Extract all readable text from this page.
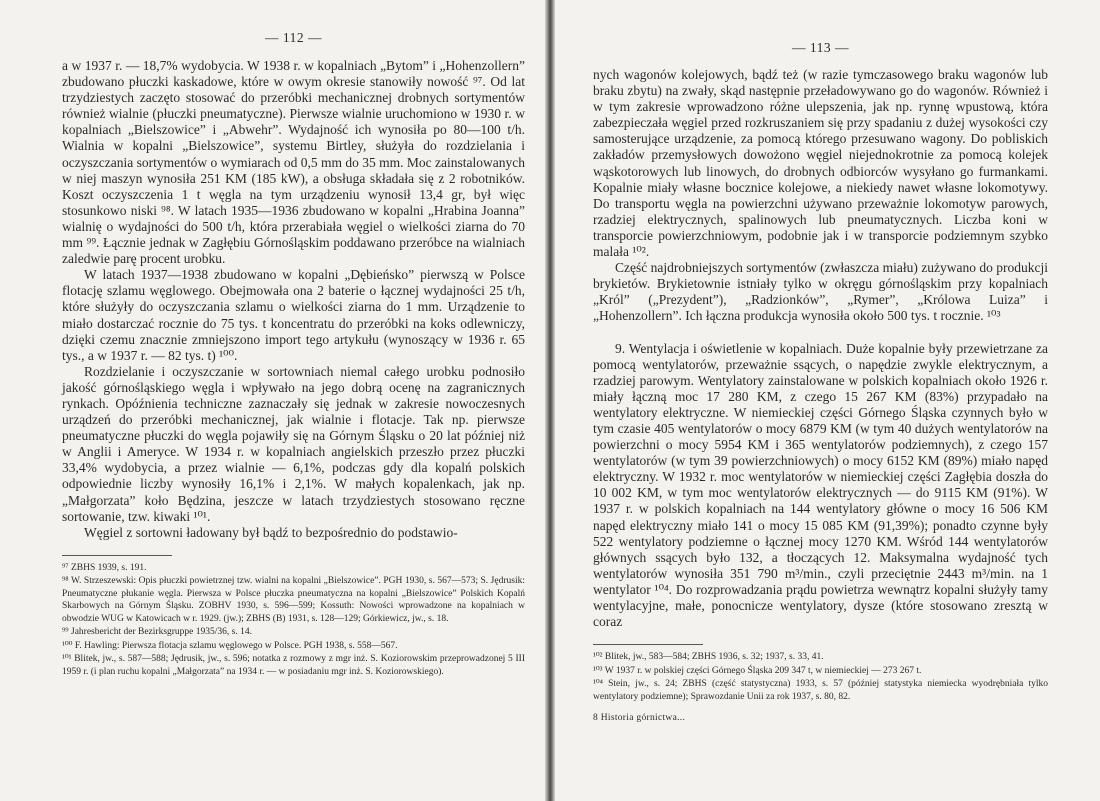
— 112 —

a w 1937 r. — 18,7% wydobycia. W 1938 r. w kopalniach „Bytom” i „Hohenzollern” zbudowano płuczki kaskadowe, które w owym okresie stanowiły nowość ⁹⁷. Od lat trzydziestych zaczęto stosować do przeróbki mechanicznej drobnych sortymentów również wialnie (płuczki pneumatyczne). Pierwsze wialnie uruchomiono w 1930 r. w kopalniach „Bielszowice” i „Abwehr”. Wydajność ich wynosiła po 80—100 t/h. Wialnia w kopalni „Bielszowice”, systemu Birtley, służyła do rozdzielania i oczyszczania sortymentów o wymiarach od 0,5 mm do 35 mm. Moc zainstalowanych w niej maszyn wynosiła 251 KM (185 kW), a obsługa składała się z 2 robotników. Koszt oczyszczenia 1 t węgla na tym urządzeniu wynosił 13,4 gr, był więc stosunkowo niski ⁹⁸. W latach 1935—1936 zbudowano w kopalni „Hrabina Joanna” wialnię o wydajności do 500 t/h, która przerabiała węgiel o wielkości ziarna do 70 mm ⁹⁹. Łącznie jednak w Zagłębiu Górnośląskim poddawano przeróbce na wialniach zaledwie parę procent urobku.

W latach 1937—1938 zbudowano w kopalni „Dębieńsko” pierwszą w Polsce flotację szlamu węglowego. Obejmowała ona 2 baterie o łącznej wydajności 25 t/h, które służyły do oczyszczania szlamu o wielkości ziarna do 1 mm. Urządzenie to miało dostarczać rocznie do 75 tys. t koncentratu do przeróbki na koks odlewniczy, dzięki czemu znacznie zmniejszono import tego artykułu (wynoszący w 1936 r. 65 tys., a w 1937 r. — 82 tys. t) ¹⁰⁰.

Rozdzielanie i oczyszczanie w sortowniach niemal całego urobku podnosiło jakość górnośląskiego węgla i wpływało na jego dobrą ocenę na zagranicznych rynkach. Opóźnienia techniczne zaznaczały się jednak w zakresie nowoczesnych urządzeń do przeróbki mechanicznej, jak wialnie i flotacje. Tak np. pierwsze pneumatyczne płuczki do węgla pojawiły się na Górnym Śląsku o 20 lat później niż w Anglii i Ameryce. W 1934 r. w kopalniach angielskich przeszło przez płuczki 33,4% wydobycia, a przez wialnie — 6,1%, podczas gdy dla kopalń polskich odpowiednie liczby wynosiły 16,1% i 2,1%. W małych kopalenkach, jak np. „Małgorzata” koło Będzina, jeszcze w latach trzydziestych stosowano ręczne sortowanie, tzw. kiwaki ¹⁰¹.

Węgiel z sortowni ładowany był bądź to bezpośrednio do podstawio-

⁹⁷ ZBHS 1939, s. 191.

⁹⁸ W. Strzeszewski: Opis płuczki powietrznej tzw. wialni na kopalni „Bielszowice”. PGH 1930, s. 567—573; S. Jędrusik: Pneumatyczne płukanie węgla. Pierwsza w Polsce płuczka pneumatyczna na kopalni „Bielszowice” Polskich Kopalń Skarbowych na Górnym Śląsku. ZOBHV 1930, s. 596—599; Kossuth: Nowości wprowadzone na kopalniach w obwodzie WUG w Katowicach w r. 1929. (jw.); ZBHS (B) 1931, s. 128—129; Górkiewicz, jw., s. 18.

⁹⁹ Jahresbericht der Bezirksgruppe 1935/36, s. 14.

¹⁰⁰ F. Hawling: Pierwsza flotacja szlamu węglowego w Polsce. PGH 1938, s. 558—567.

¹⁰¹ Blitek, jw., s. 587—588; Jędrusik, jw., s. 596; notatka z rozmowy z mgr inż. S. Koziorowskim przeprowadzonej 5 III 1959 r. (i plan ruchu kopalni „Małgorzata” na 1934 r. — w posiadaniu mgr inż. S. Koziorowskiego).

— 113 —

nych wagonów kolejowych, bądź też (w razie tymczasowego braku wagonów lub braku zbytu) na zwały, skąd następnie przeładowywano go do wagonów. Również i w tym zakresie wprowadzono różne ulepszenia, jak np. rynnę wpustową, która zabezpieczała węgiel przed rozkruszaniem się przy spadaniu z dużej wysokości czy samosterujące urządzenie, za pomocą którego przesuwano wagony. Do pobliskich zakładów przemysłowych dowożono węgiel niejednokrotnie za pomocą kolejek wąskotorowych lub linowych, do drobnych odbiorców wysyłano go furmankami. Kopalnie miały własne bocznice kolejowe, a niekiedy nawet własne lokomotywy. Do transportu węgla na powierzchni używano przeważnie lokomotyw parowych, rzadziej elektrycznych, spalinowych lub pneumatycznych. Liczba koni w transporcie powierzchniowym, podobnie jak i w transporcie podziemnym szybko malała ¹⁰².

Część najdrobniejszych sortymentów (zwłaszcza miału) zużywano do produkcji brykietów. Brykietownie istniały tylko w okręgu górnośląskim przy kopalniach „Król” („Prezydent”), „Radzionków”, „Rymer”, „Królowa Luiza” i „Hohenzollern”. Ich łączna produkcja wynosiła około 500 tys. t rocznie. ¹⁰³

9. Wentylacja i oświetlenie w kopalniach. Duże kopalnie były przewietrzane za pomocą wentylatorów, przeważnie ssących, o napędzie zwykle elektrycznym, a rzadziej parowym. Wentylatory zainstalowane w polskich kopalniach około 1926 r. miały łączną moc 17 280 KM, z czego 15 267 KM (83%) przypadało na wentylatory elektryczne. W niemieckiej części Górnego Śląska czynnych było w tym czasie 405 wentylatorów o mocy 6879 KM (w tym 40 dużych wentylatorów na powierzchni o mocy 5954 KM i 365 wentylatorów podziemnych), z czego 157 wentylatorów (w tym 39 powierzchniowych) o mocy 6152 KM (89%) miało napęd elektryczny. W 1932 r. moc wentylatorów w niemieckiej części Zagłębia doszła do 10 002 KM, w tym moc wentylatorów elektrycznych — do 9115 KM (91%). W 1937 r. w polskich kopalniach na 144 wentylatory główne o mocy 16 506 KM napęd elektryczny miało 141 o mocy 15 085 KM (91,39%); ponadto czynne były 522 wentylatory podziemne o łącznej mocy 1270 KM. Wśród 144 wentylatorów głównych ssących było 132, a tłoczących 12. Maksymalna wydajność tych wentylatorów wynosiła 351 790 m³/min., czyli przeciętnie 2443 m³/min. na 1 wentylator ¹⁰⁴. Do rozprowadzania prądu powietrza wewnątrz kopalni służyły tamy wentylacyjne, małe, ponocnicze wentylatory, dysze (które stosowano zresztą w coraz

¹⁰² Blitek, jw., 583—584; ZBHS 1936, s. 32; 1937, s. 33, 41.

¹⁰³ W 1937 r. w polskiej części Górnego Śląska 209 347 t, w niemieckiej — 273 267 t.

¹⁰⁴ Stein, jw., s. 24; ZBHS (część statystyczna) 1933, s. 57 (później statystyka niemiecka wyodrębniała tylko wentylatory podziemne); Sprawozdanie Unii za rok 1937, s. 80, 82.

8 Historia górnictwa...
